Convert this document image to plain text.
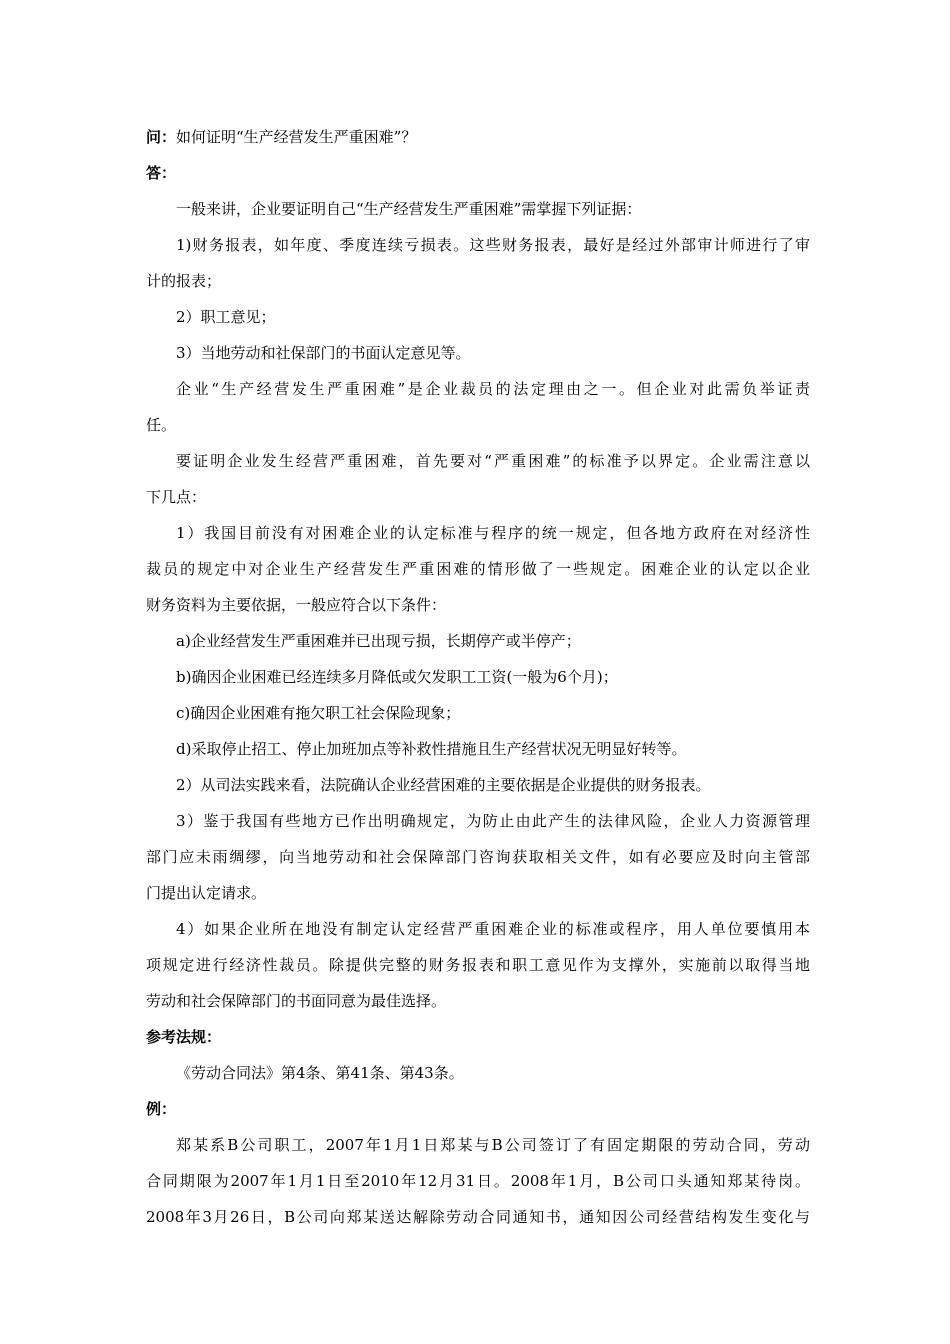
问：如何证明“生产经营发生严重困难”？
答：
一般来讲，企业要证明自己“生产经营发生严重困难”需掌握下列证据：
1)财务报表，如年度、季度连续亏损表。这些财务报表，最好是经过外部审计师进行了审
计的报表；
2）职工意见；
3）当地劳动和社保部门的书面认定意见等。
企业“生产经营发生严重困难”是企业裁员的法定理由之一。但企业对此需负举证责
任。
要证明企业发生经营严重困难，首先要对“严重困难”的标准予以界定。企业需注意以
下几点：
1）我国目前没有对困难企业的认定标准与程序的统一规定，但各地方政府在对经济性
裁员的规定中对企业生产经营发生严重困难的情形做了一些规定。困难企业的认定以企业
财务资料为主要依据，一般应符合以下条件：
a)企业经营发生严重困难并已出现亏损，长期停产或半停产；
b)确因企业困难已经连续多月降低或欠发职工工资(一般为6个月)；
c)确因企业困难有拖欠职工社会保险现象；
d)采取停止招工、停止加班加点等补救性措施且生产经营状况无明显好转等。
2）从司法实践来看，法院确认企业经营困难的主要依据是企业提供的财务报表。
3）鉴于我国有些地方已作出明确规定，为防止由此产生的法律风险，企业人力资源管理
部门应未雨绸缪，向当地劳动和社会保障部门咨询获取相关文件，如有必要应及时向主管部
门提出认定请求。
4）如果企业所在地没有制定认定经营严重困难企业的标准或程序，用人单位要慎用本
项规定进行经济性裁员。除提供完整的财务报表和职工意见作为支撑外，实施前以取得当地
劳动和社会保障部门的书面同意为最佳选择。
参考法规：
《劳动合同法》第4条、第41条、第43条。
例：
郑某系B公司职工，2007年1月1日郑某与B公司签订了有固定期限的劳动合同，劳动
合同期限为2007年1月1日至2010年12月31日。2008年1月，B公司口头通知郑某待岗。
2008年3月26日，B公司向郑某送达解除劳动合同通知书，通知因公司经营结构发生变化与
